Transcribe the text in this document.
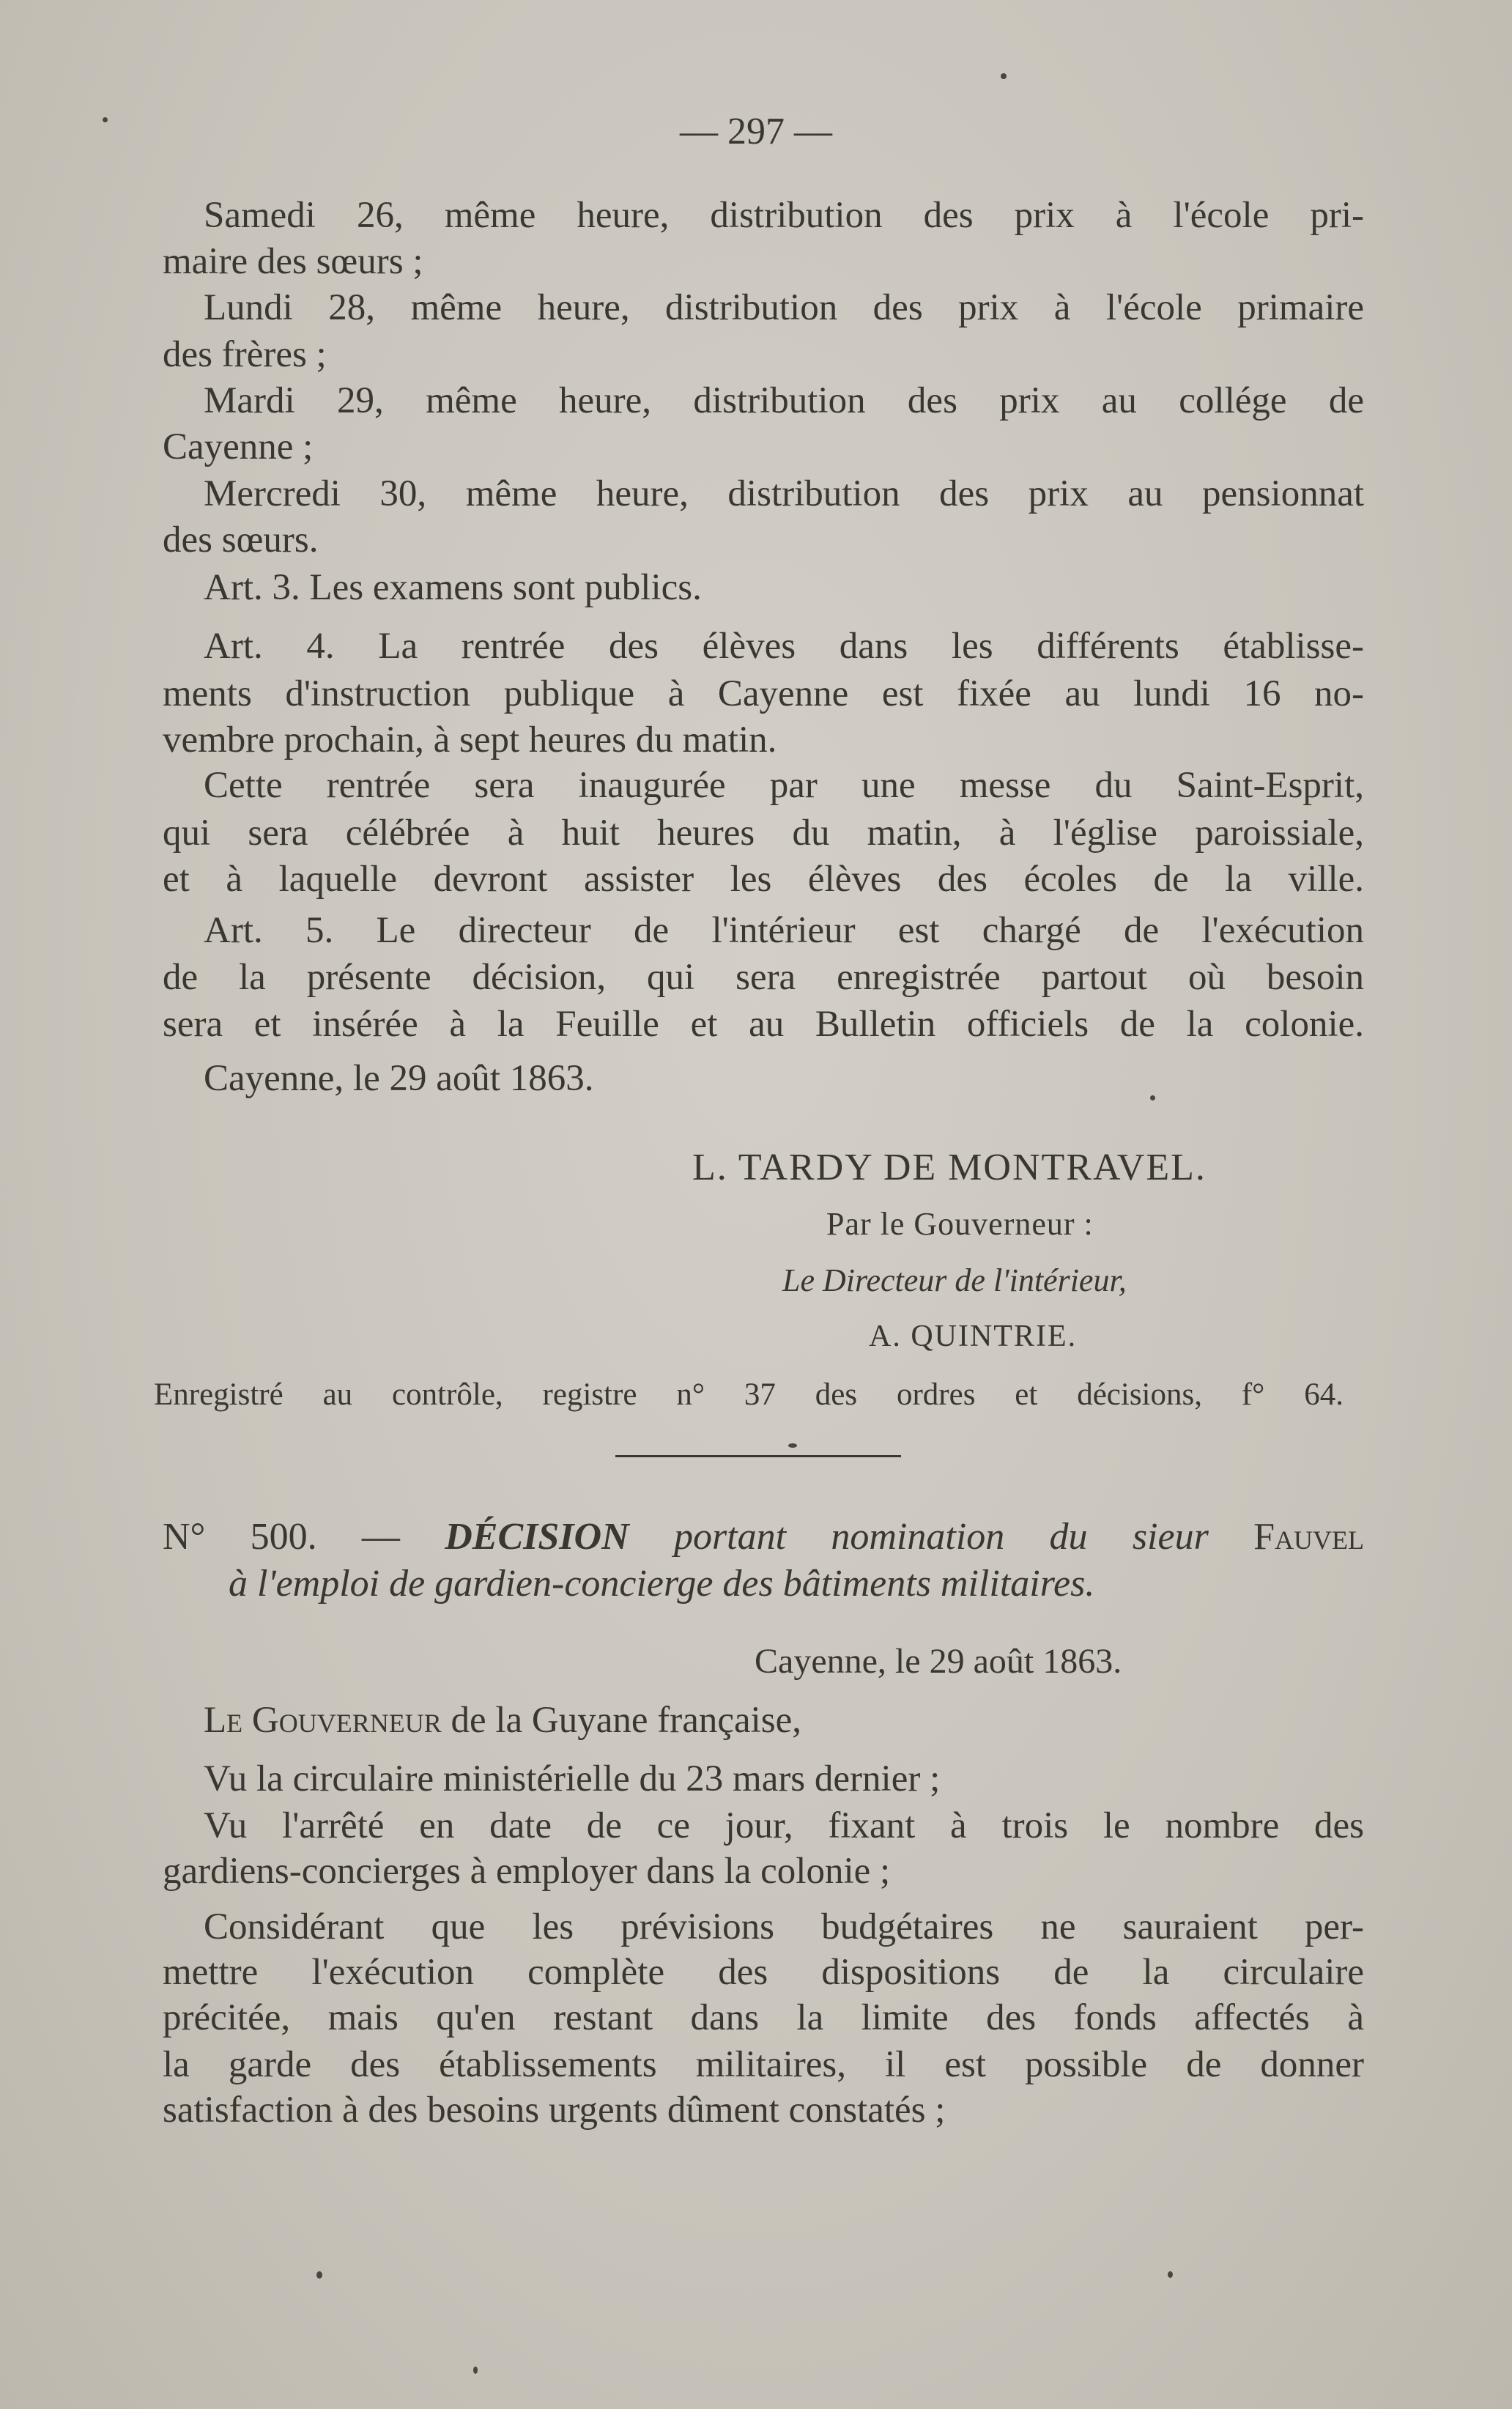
— 297 —
Samedi 26, même heure, distribution des prix à l'école pri-
maire des sœurs ;
Lundi 28, même heure, distribution des prix à l'école primaire
des frères ;
Mardi 29, même heure, distribution des prix au collége de
Cayenne ;
Mercredi 30, même heure, distribution des prix au pensionnat
des sœurs.
Art. 3. Les examens sont publics.
Art. 4. La rentrée des élèves dans les différents établisse-
ments d'instruction publique à Cayenne est fixée au lundi 16 no-
vembre prochain, à sept heures du matin.
Cette rentrée sera inaugurée par une messe du Saint-Esprit,
qui sera célébrée à huit heures du matin, à l'église paroissiale,
et à laquelle devront assister les élèves des écoles de la ville.
Art. 5. Le directeur de l'intérieur est chargé de l'exécution
de la présente décision, qui sera enregistrée partout où besoin
sera et insérée à la Feuille et au Bulletin officiels de la colonie.
Cayenne, le 29 août 1863.
L. TARDY DE MONTRAVEL.
Par le Gouverneur :
Le Directeur de l'intérieur,
A. QUINTRIE.
Enregistré au contrôle, registre n° 37 des ordres et décisions, f° 64.
N° 500. — DÉCISION portant nomination du sieur Fauvel
à l'emploi de gardien-concierge des bâtiments militaires.
Cayenne, le 29 août 1863.
Le Gouverneur de la Guyane française,
Vu la circulaire ministérielle du 23 mars dernier ;
Vu l'arrêté en date de ce jour, fixant à trois le nombre des
gardiens-concierges à employer dans la colonie ;
Considérant que les prévisions budgétaires ne sauraient per-
mettre l'exécution complète des dispositions de la circulaire
précitée, mais qu'en restant dans la limite des fonds affectés à
la garde des établissements militaires, il est possible de donner
satisfaction à des besoins urgents dûment constatés ;
